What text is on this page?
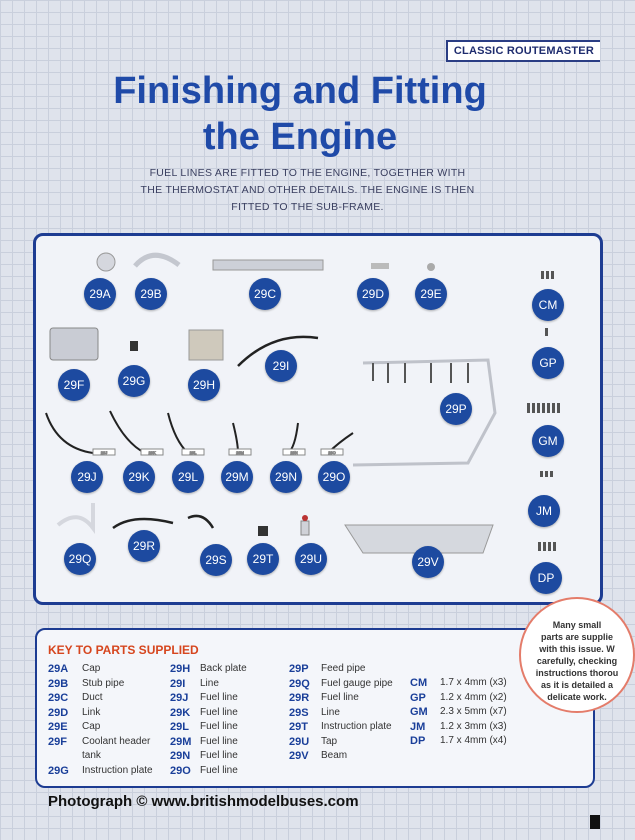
CLASSIC ROUTEMASTER
Finishing and Fitting
the Engine
FUEL LINES ARE FITTED TO THE ENGINE, TOGETHER WITH THE THERMOSTAT AND OTHER DETAILS. THE ENGINE IS THEN FITTED TO THE SUB-FRAME.
29J	29K	29L	29M	29N	29O
29A	29B	29C	29D	29E
CM
29F	29G	29H
29I	GP
29P
GM
29J	29K	29L	29M	29N	29O
JM
29Q
29R
29S	29T	29U	29V
DP
KEY TO PARTS SUPPLIED
29A	Cap
29B	Stub pipe
29C	Duct
29D	Link
29E	Cap
29F	Coolant header
tank
29G	Instruction plate
29H Back plate
29I	Line
29J	Fuel line
29K Fuel line
29L	Fuel line
29M Fuel line
29N Fuel line
29O Fuel line
29P	Feed pipe
29Q	Fuel gauge pipe
29R	Fuel line
29S	Line
29T	Instruction plate
29U	Tap
29V	Beam
CM	1.7 x 4mm (x3)
GP	1.2 x 4mm (x2)
GM	2.3 x 5mm (x7)
JM	1.2 x 3mm (x3)
DP	1.7 x 4mm (x4)
Many small
parts are supplie
with this issue. W
carefully, checking
instructions thorou
as it is detailed a
delicate work.
Photograph © www.britishmodelbuses.com
